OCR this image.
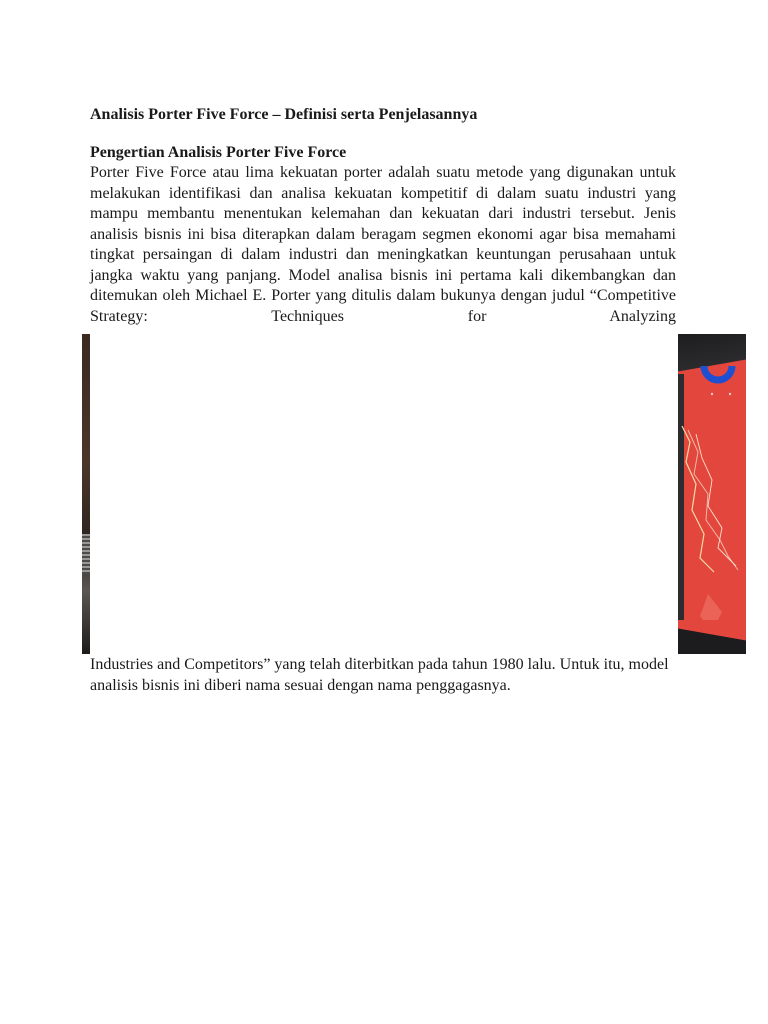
Analisis Porter Five Force – Definisi serta Penjelasannya
Pengertian Analisis Porter Five Force

Porter Five Force atau lima kekuatan porter adalah suatu metode yang digunakan untuk melakukan identifikasi dan analisa kekuatan kompetitif di dalam suatu industri yang mampu membantu menentukan kelemahan dan kekuatan dari industri tersebut. Jenis analisis bisnis ini bisa diterapkan dalam beragam segmen ekonomi agar bisa memahami tingkat persaingan di dalam industri dan meningkatkan keuntungan perusahaan untuk jangka waktu yang panjang. Model analisa bisnis ini pertama kali dikembangkan dan ditemukan oleh Michael E. Porter yang ditulis dalam bukunya dengan judul “Competitive Strategy: Techniques for Analyzing

Industries and Competitors” yang telah diterbitkan pada tahun 1980 lalu. Untuk itu, model analisis bisnis ini diberi nama sesuai dengan nama penggagasnya.
